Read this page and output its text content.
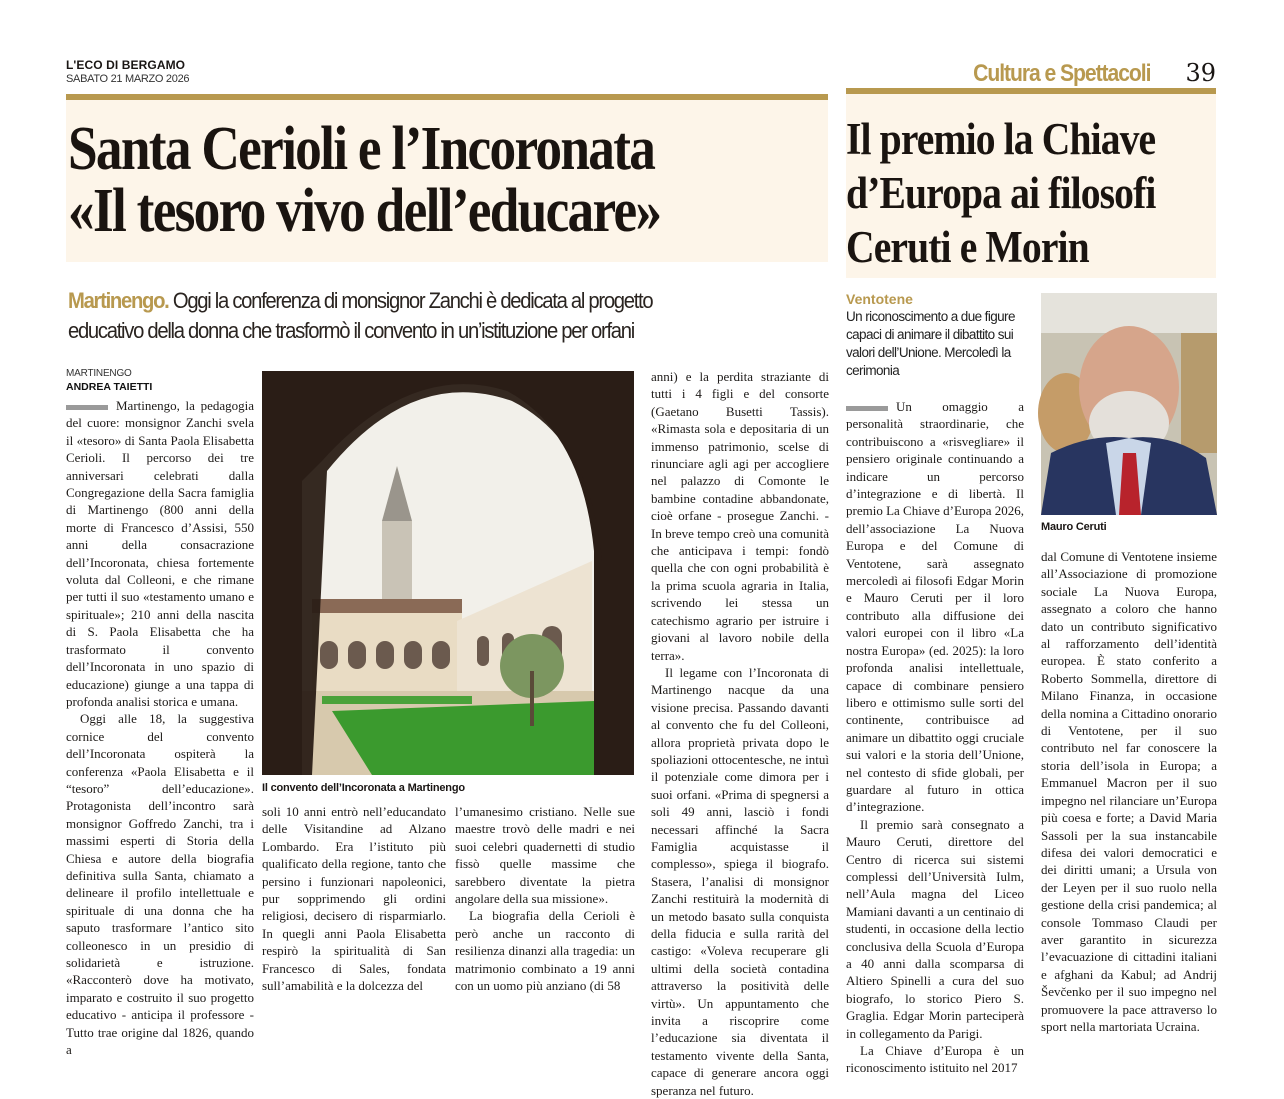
L'ECO DI BERGAMO
SABATO 21 MARZO 2026	Cultura e Spettacoli 39
Santa Cerioli e l’Incoronata
«Il tesoro vivo dell’educare»
Il premio la Chiave
d’Europa ai filosofi
Ceruti e Morin
Martinengo. Oggi la conferenza di monsignor Zanchi è dedicata al progetto
educativo della donna che trasformò il convento in un’istituzione per orfani
Ventotene
Un riconoscimento a due figure capaci di animare il dibattito sui valori dell’Unione. Mercoledì la cerimonia
MARTINENGO
ANDREA TAIETTI

Martinengo, la pedagogia del cuore: monsignor Zanchi svela il «tesoro» di Santa Paola Elisabetta Cerioli. Il percorso dei tre anniversari celebrati dalla Congregazione della Sacra famiglia di Martinengo (800 anni della morte di Francesco d’Assisi, 550 anni della consacrazione dell’Incoronata, chiesa fortemente voluta dal Colleoni, e che rimane per tutti il suo «testamento umano e spirituale»; 210 anni della nascita di S. Paola Elisabetta che ha trasformato il convento dell’Incoronata in uno spazio di educazione) giunge a una tappa di profonda analisi storica e umana.

Oggi alle 18, la suggestiva cornice del convento dell’Incoronata ospiterà la conferenza «Paola Elisabetta e il “tesoro” dell’educazione». Protagonista dell’incontro sarà monsignor Goffredo Zanchi, tra i massimi esperti di Storia della Chiesa e autore della biografia definitiva sulla Santa, chiamato a delineare il profilo intellettuale e spirituale di una donna che ha saputo trasformare l’antico sito colleonesco in un presidio di solidarietà e istruzione. «Racconterò dove ha motivato, imparato e costruito il suo progetto educativo - anticipa il professore - Tutto trae origine dal 1826, quando a

Il convento dell’Incoronata a Martinengo

soli 10 anni entrò nell’educandato delle Visitandine ad Alzano Lombardo. Era l’istituto più qualificato della regione, tanto che persino i funzionari napoleonici, pur sopprimendo gli ordini religiosi, decisero di risparmiarlo. In quegli anni Paola Elisabetta respirò la spiritualità di San Francesco di Sales, fondata sull’amabilità e la dolcezza del

l’umanesimo cristiano. Nelle sue maestre trovò delle madri e nei suoi celebri quadernetti di studio fissò quelle massime che sarebbero diventate la pietra angolare della sua missione».

La biografia della Cerioli è però anche un racconto di resilienza dinanzi alla tragedia: un matrimonio combinato a 19 anni con un uomo più anziano (di 58

anni) e la perdita straziante di tutti i 4 figli e del consorte (Gaetano Busetti Tassis). «Rimasta sola e depositaria di un immenso patrimonio, scelse di rinunciare agli agi per accogliere nel palazzo di Comonte le bambine contadine abbandonate, cioè orfane - prosegue Zanchi. - In breve tempo creò una comunità che anticipava i tempi: fondò quella che con ogni probabilità è la prima scuola agraria in Italia, scrivendo lei stessa un catechismo agrario per istruire i giovani al lavoro nobile della terra».

Il legame con l’Incoronata di Martinengo nacque da una visione precisa. Passando davanti al convento che fu del Colleoni, allora proprietà privata dopo le spoliazioni ottocentesche, ne intuì il potenziale come dimora per i suoi orfani. «Prima di spegnersi a soli 49 anni, lasciò i fondi necessari affinché la Sacra Famiglia acquistasse il complesso», spiega il biografo. Stasera, l’analisi di monsignor Zanchi restituirà la modernità di un metodo basato sulla conquista della fiducia e sulla rarità del castigo: «Voleva recuperare gli ultimi della società contadina attraverso la positività delle virtù». Un appuntamento che invita a riscoprire come l’educazione sia diventata il testamento vivente della Santa, capace di generare ancora oggi speranza nel futuro.

Mauro Ceruti

Un omaggio a personalità straordinarie, che contribuiscono a «risvegliare» il pensiero originale continuando a indicare un percorso d’integrazione e di libertà. Il premio La Chiave d’Europa 2026, dell’associazione La Nuova Europa e del Comune di Ventotene, sarà assegnato mercoledì ai filosofi Edgar Morin e Mauro Ceruti per il loro contributo alla diffusione dei valori europei con il libro «La nostra Europa» (ed. 2025): la loro profonda analisi intellettuale, capace di combinare pensiero libero e ottimismo sulle sorti del continente, contribuisce ad animare un dibattito oggi cruciale sui valori e la storia dell’Unione, nel contesto di sfide globali, per guardare al futuro in ottica d’integrazione.

Il premio sarà consegnato a Mauro Ceruti, direttore del Centro di ricerca sui sistemi complessi dell’Università Iulm, nell’Aula magna del Liceo Mamiani davanti a un centinaio di studenti, in occasione della lectio conclusiva della Scuola d’Europa a 40 anni dalla scomparsa di Altiero Spinelli a cura del suo biografo, lo storico Piero S. Graglia. Edgar Morin parteciperà in collegamento da Parigi.

La Chiave d’Europa è un riconoscimento istituito nel 2017

dal Comune di Ventotene insieme all’Associazione di promozione sociale La Nuova Europa, assegnato a coloro che hanno dato un contributo significativo al rafforzamento dell’identità europea. È stato conferito a Roberto Sommella, direttore di Milano Finanza, in occasione della nomina a Cittadino onorario di Ventotene, per il suo contributo nel far conoscere la storia dell’isola in Europa; a Emmanuel Macron per il suo impegno nel rilanciare un’Europa più coesa e forte; a David Maria Sassoli per la sua instancabile difesa dei valori democratici e dei diritti umani; a Ursula von der Leyen per il suo ruolo nella gestione della crisi pandemica; al console Tommaso Claudi per aver garantito in sicurezza l’evacuazione di cittadini italiani e afghani da Kabul; ad Andrij Ševčenko per il suo impegno nel promuovere la pace attraverso lo sport nella martoriata Ucraina.
